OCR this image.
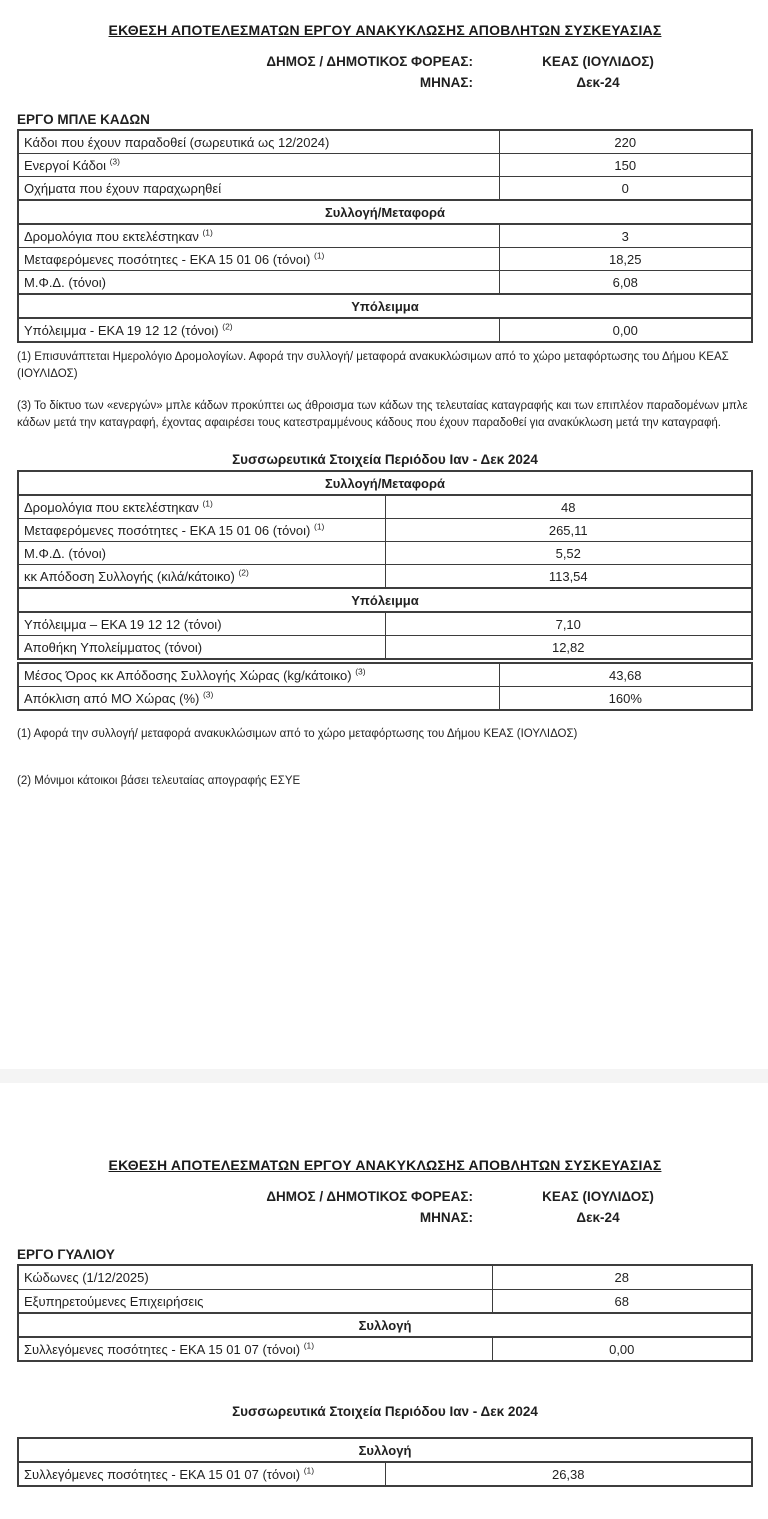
ΕΚΘΕΣΗ ΑΠΟΤΕΛΕΣΜΑΤΩΝ ΕΡΓΟΥ ΑΝΑΚΥΚΛΩΣΗΣ ΑΠΟΒΛΗΤΩΝ ΣΥΣΚΕΥΑΣΙΑΣ
ΔΗΜΟΣ / ΔΗΜΟΤΙΚΟΣ ΦΟΡΕΑΣ:	ΚΕΑΣ (ΙΟΥΛΙΔΟΣ)
ΜΗΝΑΣ:	Δεκ-24
ΕΡΓΟ ΜΠΛΕ ΚΑΔΩΝ
Κάδοι που έχουν παραδοθεί (σωρευτικά ως 12/2024)	220
Ενεργοί Κάδοι $^{(3)}$	150
Οχήματα που έχουν παραχωρηθεί	0
Συλλογή/Μεταφορά	
Δρομολόγια που εκτελέστηκαν $^{(1)}$	3
Μεταφερόμενες ποσότητες - ΕΚΑ 15 01 06 (τόνοι) $^{(1)}$	18,25
Μ.Φ.Δ. (τόνοι)	6,08
Υπόλειμμα	
Υπόλειμμα - ΕΚΑ 19 12 12 (τόνοι) $^{(2)}$	0,00

(1) Επισυνάπτεται Ημερολόγιο Δρομολογίων. Αφορά την συλλογή/ μεταφορά ανακυκλώσιμων από το χώρο μεταφόρτωσης του Δήμου ΚΕΑΣ (ΙΟΥΛΙΔΟΣ)

(3) Το δίκτυο των «ενεργών» μπλε κάδων προκύπτει ως άθροισμα των κάδων της τελευταίας καταγραφής και των επιπλέον παραδομένων μπλε κάδων μετά την καταγραφή, έχοντας αφαιρέσει τους κατεστραμμένους κάδους που έχουν παραδοθεί για ανακύκλωση μετά την καταγραφή.

Συσσωρευτικά Στοιχεία Περιόδου Ιαν - Δεκ 2024
Συλλογή/Μεταφορά	
Δρομολόγια που εκτελέστηκαν $^{(1)}$	48
Μεταφερόμενες ποσότητες - ΕΚΑ 15 01 06 (τόνοι) $^{(1)}$	265,11
Μ.Φ.Δ. (τόνοι)	5,52
κκ Απόδοση Συλλογής (κιλά/κάτοικο) $^{(2)}$	113,54
Υπόλειμμα	
Υπόλειμμα – ΕΚΑ 19 12 12 (τόνοι)	7,10
Αποθήκη Υπολείμματος (τόνοι)	12,82
Μέσος Όρος κκ Απόδοσης Συλλογής Χώρας (kg/κάτοικο) $^{(3)}$	43,68
Απόκλιση από ΜΟ Χώρας (%) $^{(3)}$	160%

(1) Αφορά την συλλογή/ μεταφορά ανακυκλώσιμων από το χώρο μεταφόρτωσης του Δήμου ΚΕΑΣ (ΙΟΥΛΙΔΟΣ)

(2) Μόνιμοι κάτοικοι βάσει τελευταίας απογραφής ΕΣΥΕ

ΕΚΘΕΣΗ ΑΠΟΤΕΛΕΣΜΑΤΩΝ ΕΡΓΟΥ ΑΝΑΚΥΚΛΩΣΗΣ ΑΠΟΒΛΗΤΩΝ ΣΥΣΚΕΥΑΣΙΑΣ
ΔΗΜΟΣ / ΔΗΜΟΤΙΚΟΣ ΦΟΡΕΑΣ:	ΚΕΑΣ (ΙΟΥΛΙΔΟΣ)
ΜΗΝΑΣ:	Δεκ-24
ΕΡΓΟ ΓΥΑΛΙΟΥ
Κώδωνες (1/12/2025)	28
Εξυπηρετούμενες Επιχειρήσεις	68
Συλλογή	
Συλλεγόμενες ποσότητες - ΕΚΑ 15 01 07 (τόνοι) $^{(1)}$	0,00
Συσσωρευτικά Στοιχεία Περιόδου Ιαν - Δεκ 2024
Συλλογή
Συλλεγόμενες ποσότητες - ΕΚΑ 15 01 07 (τόνοι) $^{(1)}$	26,38
